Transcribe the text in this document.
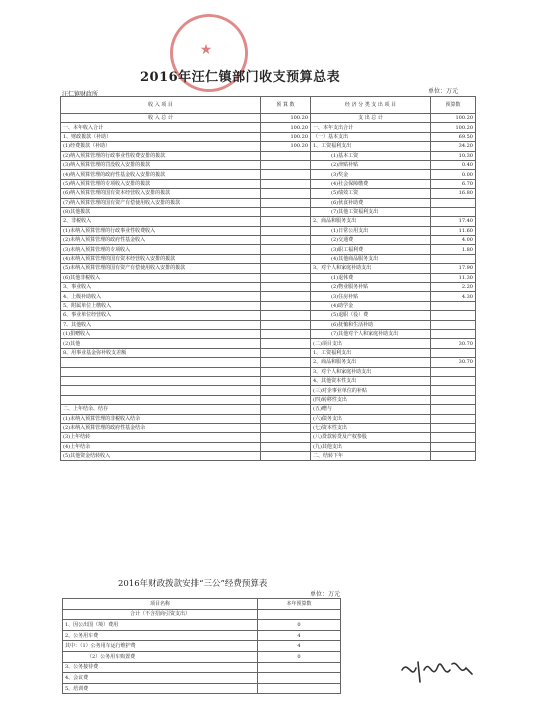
★
2016年汪仁镇部门收支预算总表
汪仁镇财政所	单位：万元
收 入 项 目	预 算 数	经 济 分 类 支 出 项 目	预算数
收 入 总 计	100.20	支 出 总 计	100.20
一、本年收入合计	100.20	一、本年支出合计	100.20
1、财政拨款（补助）	100.20	（一）基本支出	69.50
(1)经费拨款（补助）	100.20	1、工资福利支出	34.20
(2)纳入预算管理的行政事业性收费安排的拨款		(1)基本工资	10.30
(3)纳入预算管理的罚没收入安排的拨款		(2)津贴补贴	0.40
(4)纳入预算管理的政府性基金收入安排的拨款		(3)奖金	0.00
(5)纳入预算管理的专项收入安排的拨款		(4)社会保障缴费	6.70
(6)纳入预算管理的国有资本经营收入安排的拨款		(5)绩效工资	16.80
(7)纳入预算管理的国有资产有偿使用收入安排的拨款		(6)伙食补助费	
(8)其他拨款		(7)其他工资福利支出	
2、非税收入		2、商品和服务支出	17.40
(1)未纳入预算管理的行政事业性收费收入		(1)日常公用支出	11.60
(2)未纳入预算管理的政府性基金收入		(2)交通费	4.00
(3)未纳入预算管理的专项收入		(3)职工福利费	1.80
(4)未纳入预算管理的国有资本经营收入安排的拨款		(4)其他商品服务支出	
(5)未纳入预算管理的国有资产有偿使用收入安排的拨款		3、对个人和家庭补助支出	17.90
(6)其他非税收入		(1)退休费	11.30
3、事业收入		(2)物业服务补贴	2.20
4、上级补助收入		(3)住房补贴	4.30
5、附属单位上缴收入		(4)助学金	
6、事业单位经营收入		(5)退职（役）费	
7、其他收入		(6)抚恤和生活补助	
(1)捐赠收入		(7)其他对个人和家庭补助支出	
(2)其他		(二)项目支出	30.70
8、用事业基金弥补收支差额		1、工资福利支出	
		2、商品和服务支出	30.70
		3、对个人和家庭补助支出	
		4、其他资本性支出	
		(三)对企事业单位的补贴	
		(四)转移性支出	
二、上年结余、结存		(五)赠与	
(1)未纳入预算管理的非税收入结余		(六)债务支出	
(2)未纳入预算管理的政府性基金结余		(七)资本性支出	
(3)上年结转		(八)贷款转贷及产权参股	
(4)上年结余		(九)其他支出	
(5)其他资金结转收入		二、结转下年	
2016年财政拨款安排“三公”经费预算表
单位：万元
项目名称	本年预算数
合计（不含招商引资支出）	
1、因公出国（境）费用	0
2、公务用车费	4
其中：（1）公务用车运行维护费	4
（2）公务用车购置费	0
3、公务接待费	
4、会议费	
5、培训费	
